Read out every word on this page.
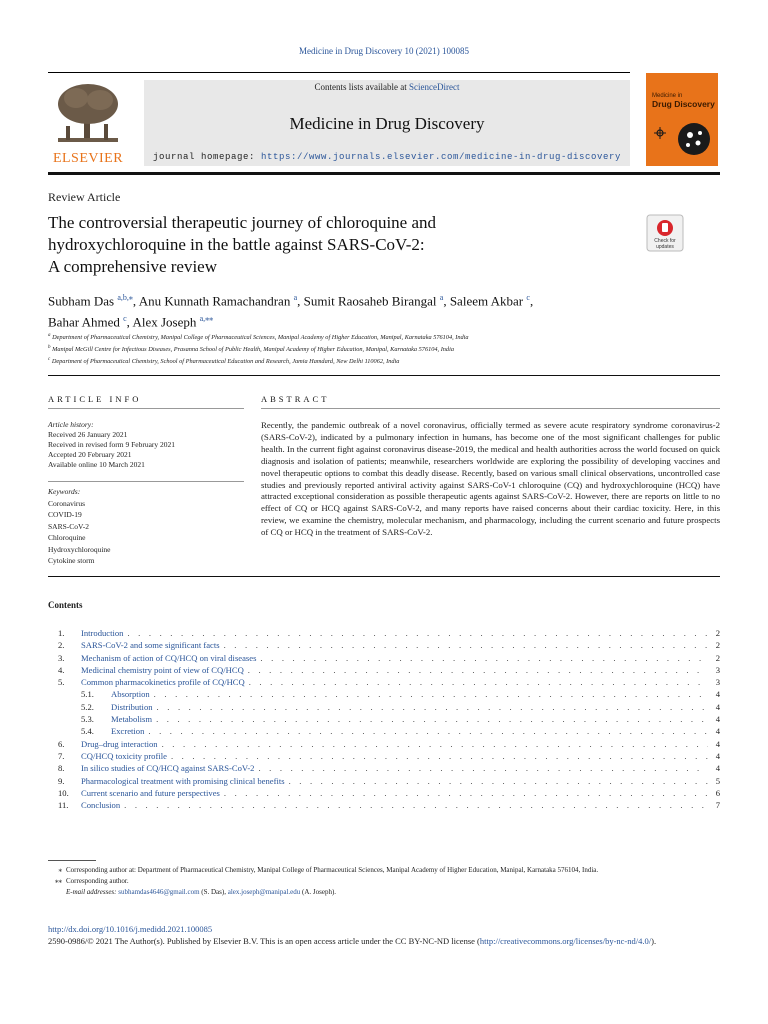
Medicine in Drug Discovery 10 (2021) 100085
ELSEVIER
Contents lists available at ScienceDirect
Medicine in Drug Discovery
journal homepage: https://www.journals.elsevier.com/medicine-in-drug-discovery
Medicine in
Drug Discovery
Review Article
The controversial therapeutic journey of chloroquine and
hydroxychloroquine in the battle against SARS-CoV-2:
A comprehensive review
Check for
updates
Subham Das $^{a,b,⁎}$, Anu Kunnath Ramachandran $^a$, Sumit Raosaheb Birangal $^a$, Saleem Akbar $^c$,
Bahar Ahmed $^c$, Alex Joseph $^{a,⁎⁎}$
$^a$ Department of Pharmaceutical Chemistry, Manipal College of Pharmaceutical Sciences, Manipal Academy of Higher Education, Manipal, Karnataka 576104, India
$^b$ Manipal McGill Centre for Infectious Diseases, Prasanna School of Public Health, Manipal Academy of Higher Education, Manipal, Karnataka 576104, India
$^c$ Department of Pharmaceutical Chemistry, School of Pharmaceutical Education and Research, Jamia Hamdard, New Delhi 110062, India
ARTICLE INFO
Article history:
Received 26 January 2021
Received in revised form 9 February 2021
Accepted 20 February 2021
Available online 10 March 2021
Keywords:
Coronavirus
COVID-19
SARS-CoV-2
Chloroquine
Hydroxychloroquine
Cytokine storm
ABSTRACT
Recently, the pandemic outbreak of a novel coronavirus, officially termed as severe acute respiratory syndrome coronavirus-2 (SARS-CoV-2), indicated by a pulmonary infection in humans, has become one of the most significant challenges for public health. In the current fight against coronavirus disease-2019, the medical and health authorities across the world focused on quick diagnosis and isolation of patients; meanwhile, researchers worldwide are exploring the possibility of developing vaccines and novel therapeutic options to combat this deadly disease. Recently, based on various small clinical observations, uncontrolled case studies and previously reported antiviral activity against SARS-CoV-1 chloroquine (CQ) and hydroxychloroquine (HCQ) have attracted exceptional consideration as possible therapeutic agents against SARS-CoV-2. However, there are reports on little to no effect of CQ or HCQ against SARS-CoV-2, and many reports have raised concerns about their cardiac toxicity. Here, in this review, we examine the chemistry, molecular mechanism, and pharmacology, including the current scenario and future prospects of CQ or HCQ in the treatment of SARS-CoV-2.
Contents
1.	Introduction . . .	2
2.	SARS-CoV-2 and some significant facts . . .	2
3.	Mechanism of action of CQ/HCQ on viral diseases . . .	2
4.	Medicinal chemistry point of view of CQ/HCQ . . .	3
5.	Common pharmacokinetics profile of CQ/HCQ . . .	3
5.1.	Absorption . . .	4
5.2.	Distribution . . .	4
5.3.	Metabolism . . .	4
5.4.	Excretion . . .	4
6.	Drug–drug interaction . . .	4
7.	CQ/HCQ toxicity profile . . .	4
8.	In silico studies of CQ/HCQ against SARS-CoV-2 . . .	4
9.	Pharmacological treatment with promising clinical benefits . . .	5
10.	Current scenario and future perspectives . . .	6
11.	Conclusion . . .	7
⁎ Corresponding author at: Department of Pharmaceutical Chemistry, Manipal College of Pharmaceutical Sciences, Manipal Academy of Higher Education, Manipal, Karnataka 576104, India.
⁎⁎ Corresponding author.
E-mail addresses: subhamdas4646@gmail.com (S. Das), alex.joseph@manipal.edu (A. Joseph).
http://dx.doi.org/10.1016/j.medidd.2021.100085
2590-0986/© 2021 The Author(s). Published by Elsevier B.V. This is an open access article under the CC BY-NC-ND license (http://creativecommons.org/licenses/by-nc-nd/4.0/).
